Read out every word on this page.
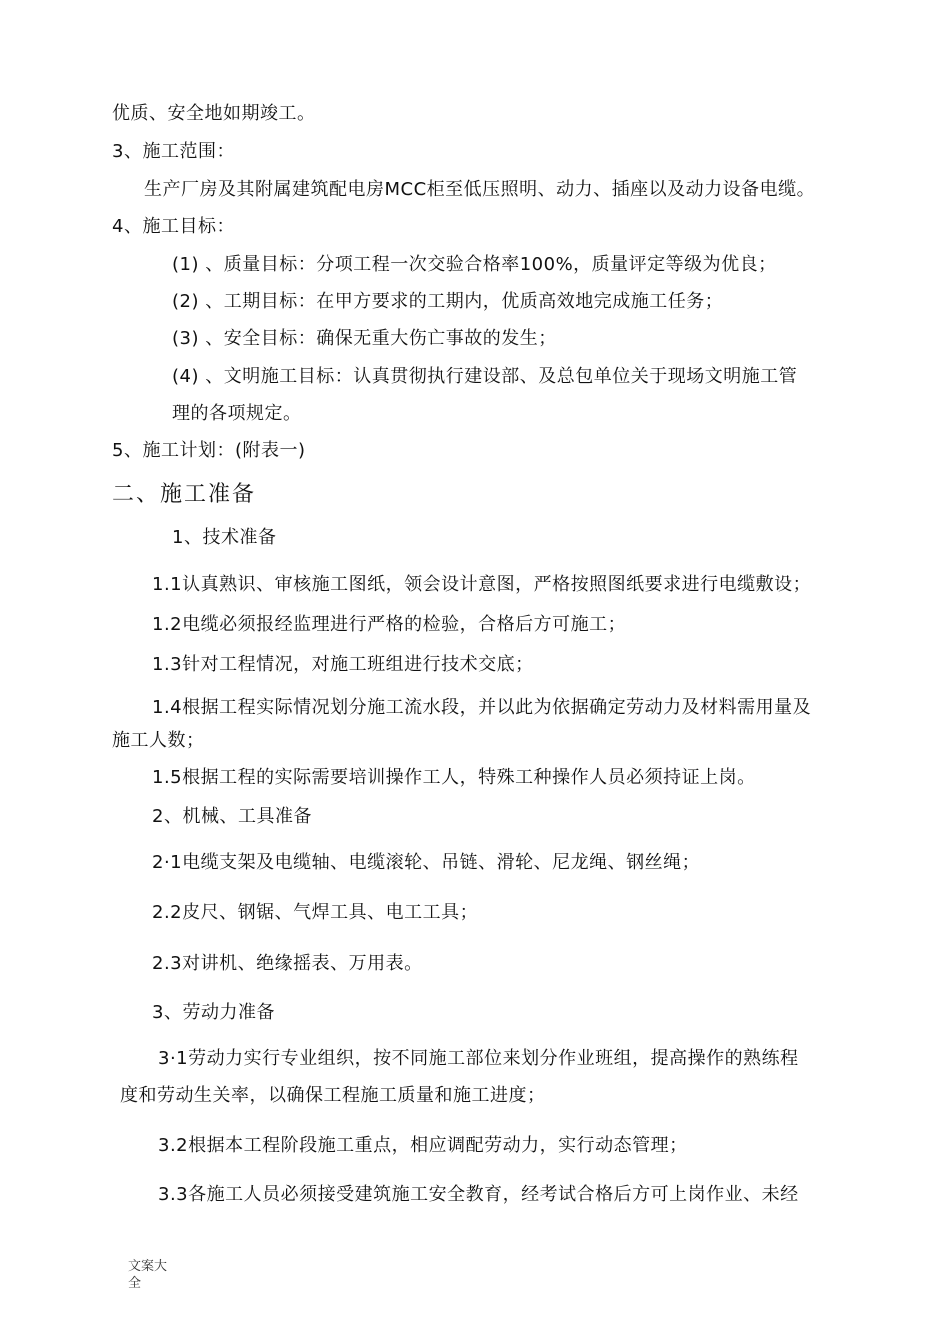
优质、安全地如期竣工。
3、施工范围：
生产厂房及其附属建筑配电房MCC柜至低压照明、动力、插座以及动力设备电缆。
4、施工目标：
(1) 、质量目标：分项工程一次交验合格率100%，质量评定等级为优良；
(2) 、工期目标：在甲方要求的工期内，优质高效地完成施工任务；
(3) 、安全目标：确保无重大伤亡事故的发生；
(4) 、文明施工目标：认真贯彻执行建设部、及总包单位关于现场文明施工管
理的各项规定。
5、施工计划：(附表一)
二、施工准备
1、技术准备
1.1认真熟识、审核施工图纸，领会设计意图，严格按照图纸要求进行电缆敷设；
1.2电缆必须报经监理进行严格的检验，合格后方可施工；
1.3针对工程情况，对施工班组进行技术交底；
1.4根据工程实际情况划分施工流水段，并以此为依据确定劳动力及材料需用量及
施工人数；
1.5根据工程的实际需要培训操作工人，特殊工种操作人员必须持证上岗。
2、机械、工具准备
2·1电缆支架及电缆轴、电缆滚轮、吊链、滑轮、尼龙绳、钢丝绳；
2.2皮尺、钢锯、气焊工具、电工工具；
2.3对讲机、绝缘摇表、万用表。
3、劳动力准备
3·1劳动力实行专业组织，按不同施工部位来划分作业班组，提高操作的熟练程
度和劳动生关率，以确保工程施工质量和施工进度；
3.2根据本工程阶段施工重点，相应调配劳动力，实行动态管理；
3.3各施工人员必须接受建筑施工安全教育，经考试合格后方可上岗作业、未经
文案大全
